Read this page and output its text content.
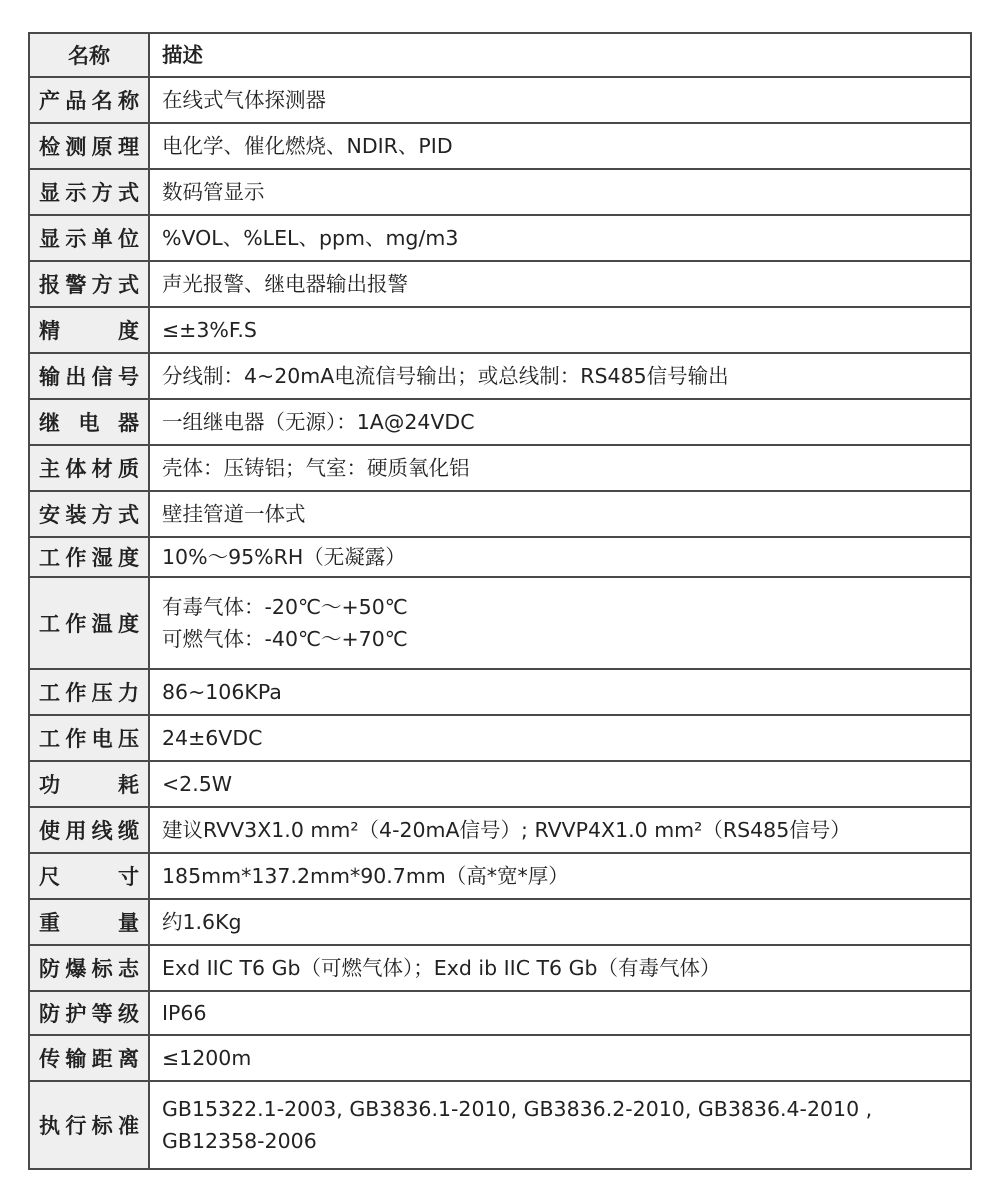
名称	描述
产品名称	在线式气体探测器

检测原理	电化学、催化燃烧、NDIR、PID

显示方式	数码管显示

显示单位	%VOL、%LEL、ppm、mg/m3

报警方式	声光报警、继电器输出报警

精度	≤±3%F.S

输出信号	分线制：4~20mA电流信号输出；或总线制：RS485信号输出

继电器	一组继电器（无源）：1A@24VDC

主体材质	壳体：压铸铝；气室：硬质氧化铝

安装方式	壁挂管道一体式

工作湿度	10%～95%RH（无凝露）

工作温度	有毒气体：-20℃～+50℃
可燃气体：-40℃～+70℃

工作压力	86~106KPa

工作电压	24±6VDC

功耗	<2.5W

使用线缆	建议RVV3X1.0 mm²（4-20mA信号）; RVVP4X1.0 mm²（RS485信号）

尺寸	185mm*137.2mm*90.7mm（高*宽*厚）

重量	约1.6Kg

防爆标志	Exd IIC T6 Gb（可燃气体）；Exd ib IIC T6 Gb（有毒气体）

防护等级	IP66

传输距离	≤1200m

执行标准	GB15322.1-2003, GB3836.1-2010, GB3836.2-2010, GB3836.4-2010 ,
GB12358-2006
